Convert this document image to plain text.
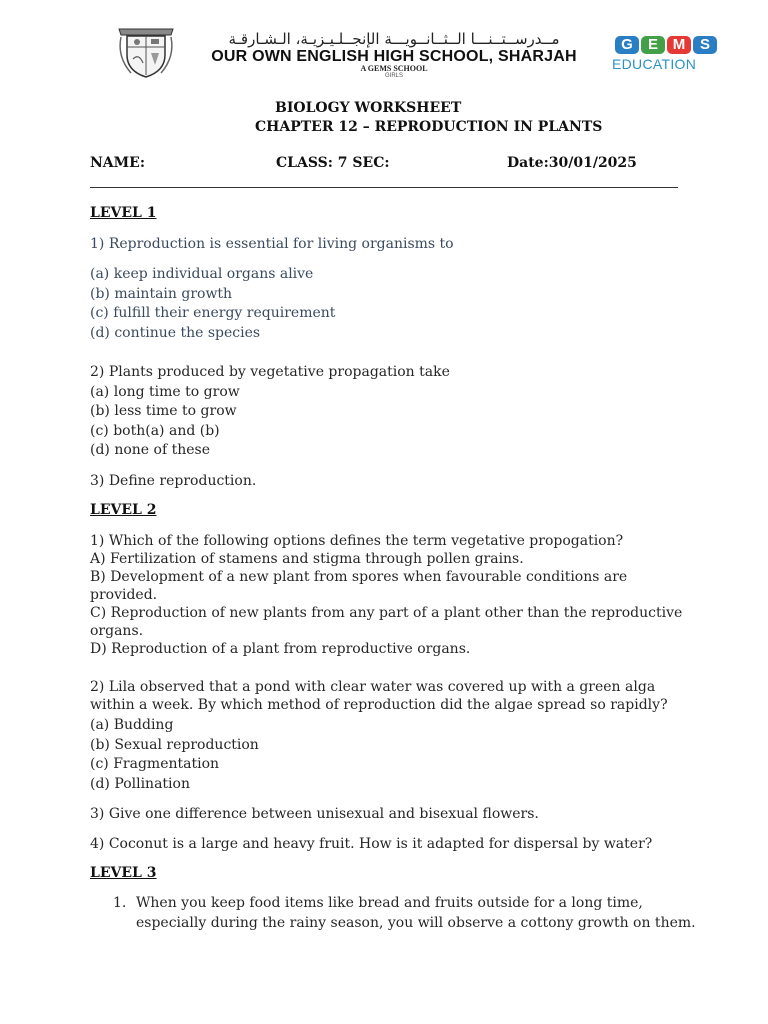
مــدرســتــنـــا الــثــانــويـــة الإنجــلـيـزيـة، الـشـارقـة
OUR OWN ENGLISH HIGH SCHOOL, SHARJAH
A GEMS SCHOOL
GIRLS
G	E M S
EDUCATION
BIOLOGY WORKSHEET
CHAPTER 12 – REPRODUCTION IN PLANTS
NAME:	CLASS: 7 SEC:	Date:30/01/2025
LEVEL 1
1) Reproduction is essential for living organisms to
(a) keep individual organs alive
(b) maintain growth
(c) fulfill their energy requirement
(d) continue the species
2) Plants produced by vegetative propagation take
(a) long time to grow
(b) less time to grow
(c) both(a) and (b)
(d) none of these
3) Define reproduction.
LEVEL 2
1) Which of the following options defines the term vegetative propogation?
A) Fertilization of stamens and stigma through pollen grains.
B) Development of a new plant from spores when favourable conditions are
provided.
C) Reproduction of new plants from any part of a plant other than the reproductive
organs.
D) Reproduction of a plant from reproductive organs.
2) Lila observed that a pond with clear water was covered up with a green alga
within a week. By which method of reproduction did the algae spread so rapidly?
(a) Budding
(b) Sexual reproduction
(c) Fragmentation
(d) Pollination
3) Give one difference between unisexual and bisexual flowers.
4) Coconut is a large and heavy fruit. How is it adapted for dispersal by water?
LEVEL 3
1. When you keep food items like bread and fruits outside for a long time, especially during the rainy season, you will observe a cottony growth on them.
